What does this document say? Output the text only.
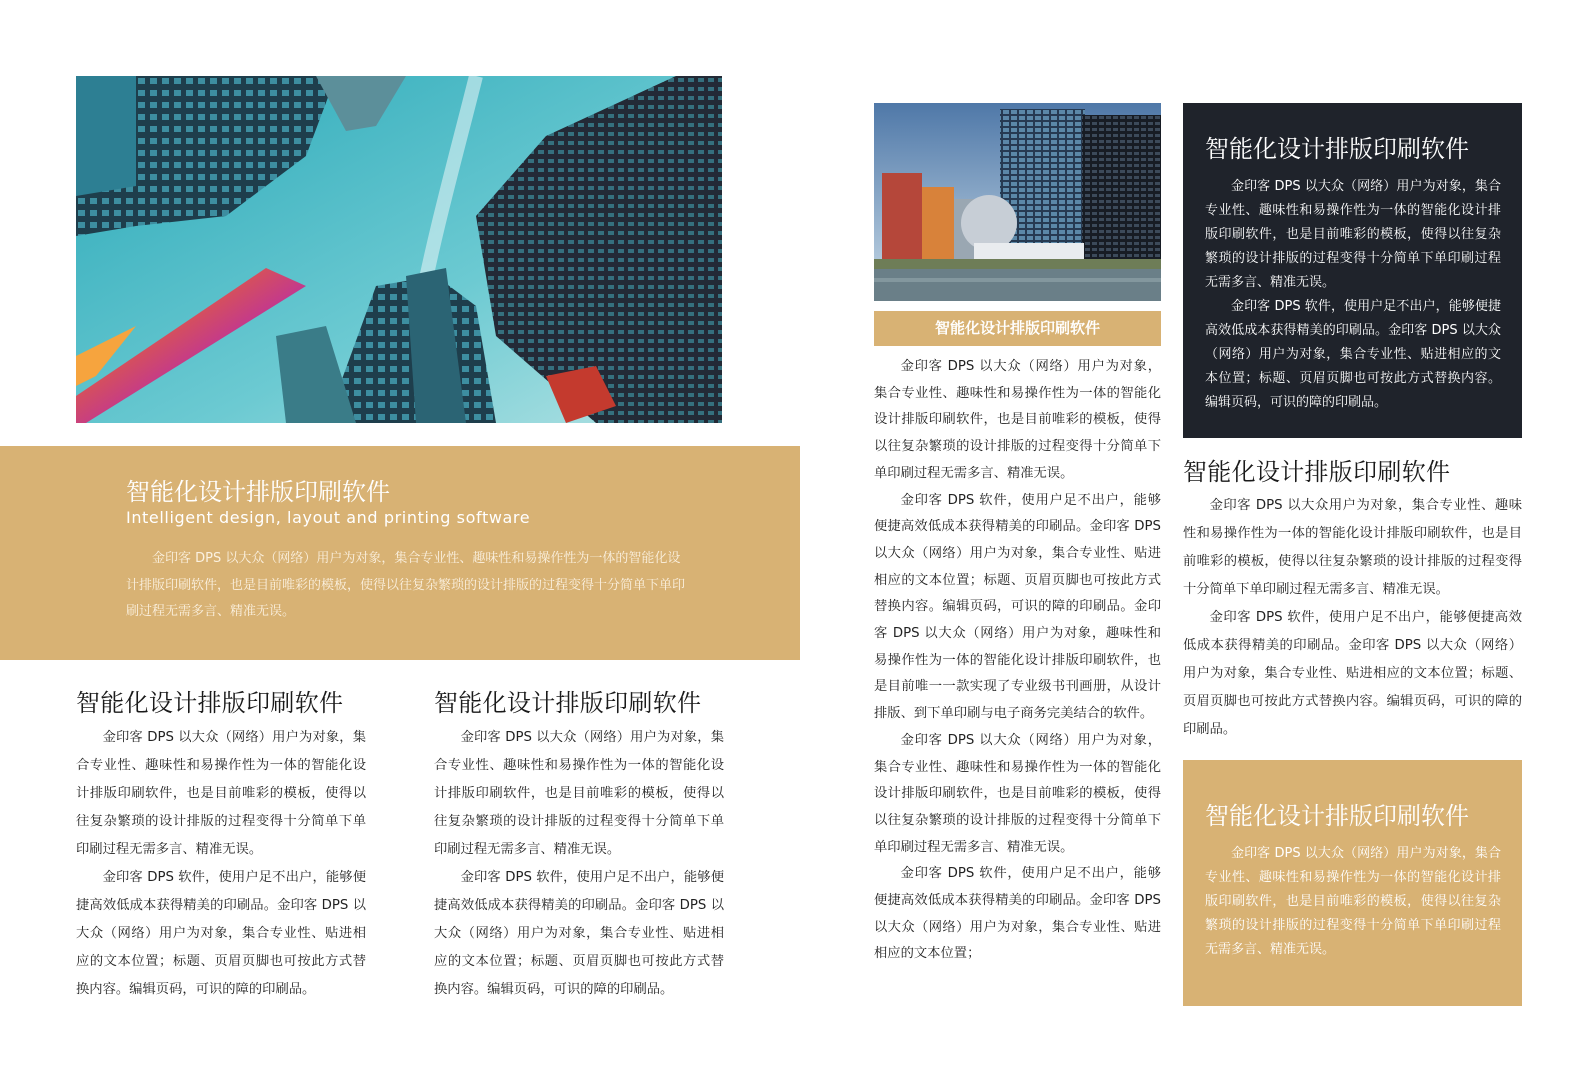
智能化设计排版印刷软件
Intelligent design, layout and printing software

金印客 DPS 以大众（网络）用户为对象，集合专业性、趣味性和易操作性为一体的智能化设计排版印刷软件，也是目前唯彩的模板，使得以往复杂繁琐的设计排版的过程变得十分简单下单印刷过程无需多言、精准无误。

智能化设计排版印刷软件

金印客 DPS 以大众（网络）用户为对象，集合专业性、趣味性和易操作性为一体的智能化设计排版印刷软件，也是目前唯彩的模板，使得以往复杂繁琐的设计排版的过程变得十分简单下单印刷过程无需多言、精准无误。

金印客 DPS 软件，使用户足不出户，能够便捷高效低成本获得精美的印刷品。金印客 DPS 以大众（网络）用户为对象，集合专业性、贴进相应的文本位置；标题、页眉页脚也可按此方式替换内容。编辑页码，可识的障的印刷品。

智能化设计排版印刷软件

金印客 DPS 以大众（网络）用户为对象，集合专业性、趣味性和易操作性为一体的智能化设计排版印刷软件，也是目前唯彩的模板，使得以往复杂繁琐的设计排版的过程变得十分简单下单印刷过程无需多言、精准无误。

金印客 DPS 软件，使用户足不出户，能够便捷高效低成本获得精美的印刷品。金印客 DPS 以大众（网络）用户为对象，集合专业性、贴进相应的文本位置；标题、页眉页脚也可按此方式替换内容。编辑页码，可识的障的印刷品。

智能化设计排版印刷软件

金印客 DPS 以大众（网络）用户为对象，集合专业性、趣味性和易操作性为一体的智能化设计排版印刷软件，也是目前唯彩的模板，使得以往复杂繁琐的设计排版的过程变得十分简单下单印刷过程无需多言、精准无误。

金印客 DPS 软件，使用户足不出户，能够便捷高效低成本获得精美的印刷品。金印客 DPS 以大众（网络）用户为对象，集合专业性、贴进相应的文本位置；标题、页眉页脚也可按此方式替换内容。编辑页码，可识的障的印刷品。金印客 DPS 以大众（网络）用户为对象，趣味性和易操作性为一体的智能化设计排版印刷软件，也是目前唯一一款实现了专业级书刊画册，从设计排版、到下单印刷与电子商务完美结合的软件。

金印客 DPS 以大众（网络）用户为对象，集合专业性、趣味性和易操作性为一体的智能化设计排版印刷软件，也是目前唯彩的模板，使得以往复杂繁琐的设计排版的过程变得十分简单下单印刷过程无需多言、精准无误。

金印客 DPS 软件，使用户足不出户，能够便捷高效低成本获得精美的印刷品。金印客 DPS 以大众（网络）用户为对象，集合专业性、贴进相应的文本位置；

智能化设计排版印刷软件

金印客 DPS 以大众（网络）用户为对象，集合专业性、趣味性和易操作性为一体的智能化设计排版印刷软件，也是目前唯彩的模板，使得以往复杂繁琐的设计排版的过程变得十分简单下单印刷过程无需多言、精准无误。

金印客 DPS 软件，使用户足不出户，能够便捷高效低成本获得精美的印刷品。金印客 DPS 以大众（网络）用户为对象，集合专业性、贴进相应的文本位置；标题、页眉页脚也可按此方式替换内容。编辑页码，可识的障的印刷品。

智能化设计排版印刷软件

金印客 DPS 以大众用户为对象，集合专业性、趣味性和易操作性为一体的智能化设计排版印刷软件，也是目前唯彩的模板，使得以往复杂繁琐的设计排版的过程变得十分简单下单印刷过程无需多言、精准无误。

金印客 DPS 软件，使用户足不出户，能够便捷高效低成本获得精美的印刷品。金印客 DPS 以大众（网络）用户为对象，集合专业性、贴进相应的文本位置；标题、页眉页脚也可按此方式替换内容。编辑页码，可识的障的印刷品。

智能化设计排版印刷软件

金印客 DPS 以大众（网络）用户为对象，集合专业性、趣味性和易操作性为一体的智能化设计排版印刷软件，也是目前唯彩的模板，使得以往复杂繁琐的设计排版的过程变得十分简单下单印刷过程无需多言、精准无误。
